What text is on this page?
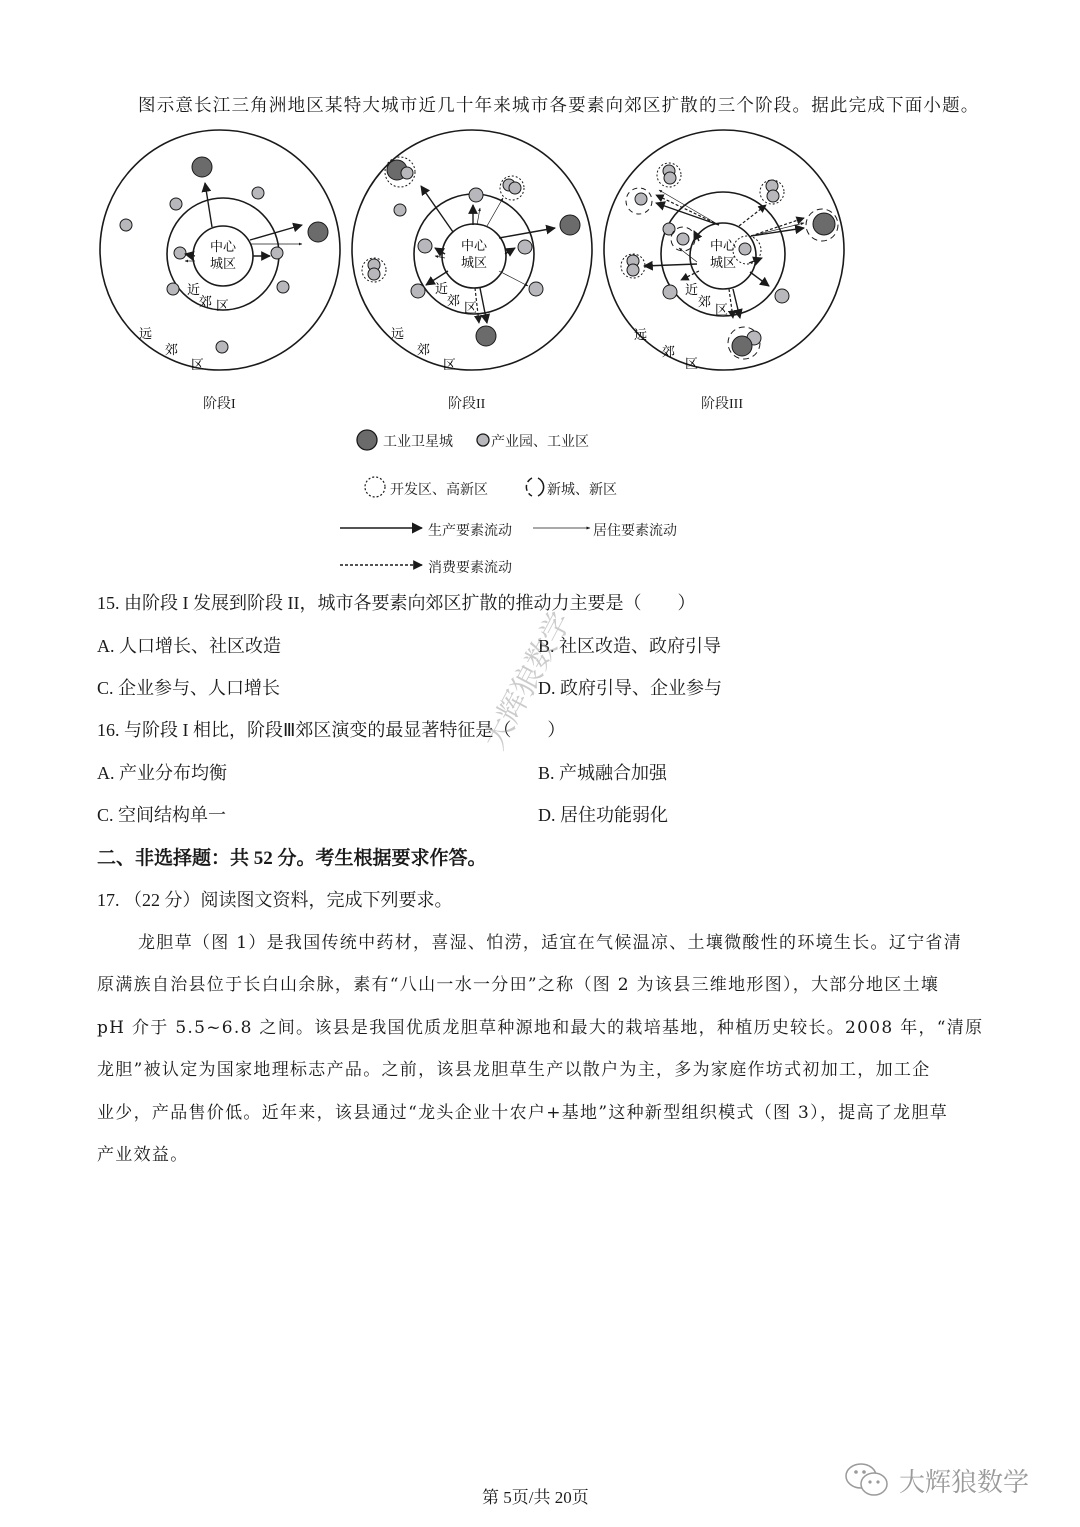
图示意长江三角洲地区某特大城市近几十年来城市各要素向郊区扩散的三个阶段。据此完成下面小题。
中心
城区
近
郊 区
远
郊
区
中心
城区
近
郊 区
远
郊
区
中心
城区
近
郊
区
远
郊
区
阶段I	阶段II	阶段III
工业卫星城	产业园、工业区
开发区、高新区	新城、新区
生产要素流动	居住要素流动
消费要素流动
15. 由阶段 I 发展到阶段 II，城市各要素向郊区扩散的推动力主要是（　　）
A. 人口增长、社区改造	B. 社区改造、政府引导
C. 企业参与、人口增长	D. 政府引导、企业参与
16. 与阶段 I 相比，阶段Ⅲ郊区演变的最显著特征是（　　）
A. 产业分布均衡	B. 产城融合加强
C. 空间结构单一	D. 居住功能弱化
二、非选择题：共 52 分。考生根据要求作答。
17. （22 分）阅读图文资料，完成下列要求。
龙胆草（图 1）是我国传统中药材，喜湿、怕涝，适宜在气候温凉、土壤微酸性的环境生长。辽宁省清
原满族自治县位于长白山余脉，素有“八山一水一分田”之称（图 2 为该县三维地形图），大部分地区土壤
pH 介于 5.5~6.8 之间。该县是我国优质龙胆草种源地和最大的栽培基地，种植历史较长。2008 年，“清原
龙胆”被认定为国家地理标志产品。之前，该县龙胆草生产以散户为主，多为家庭作坊式初加工，加工企
业少，产品售价低。近年来，该县通过“龙头企业十农户+基地”这种新型组织模式（图 3），提高了龙胆草
产业效益。
大辉狼数学
第 5页/共 20页	大辉狼数学
